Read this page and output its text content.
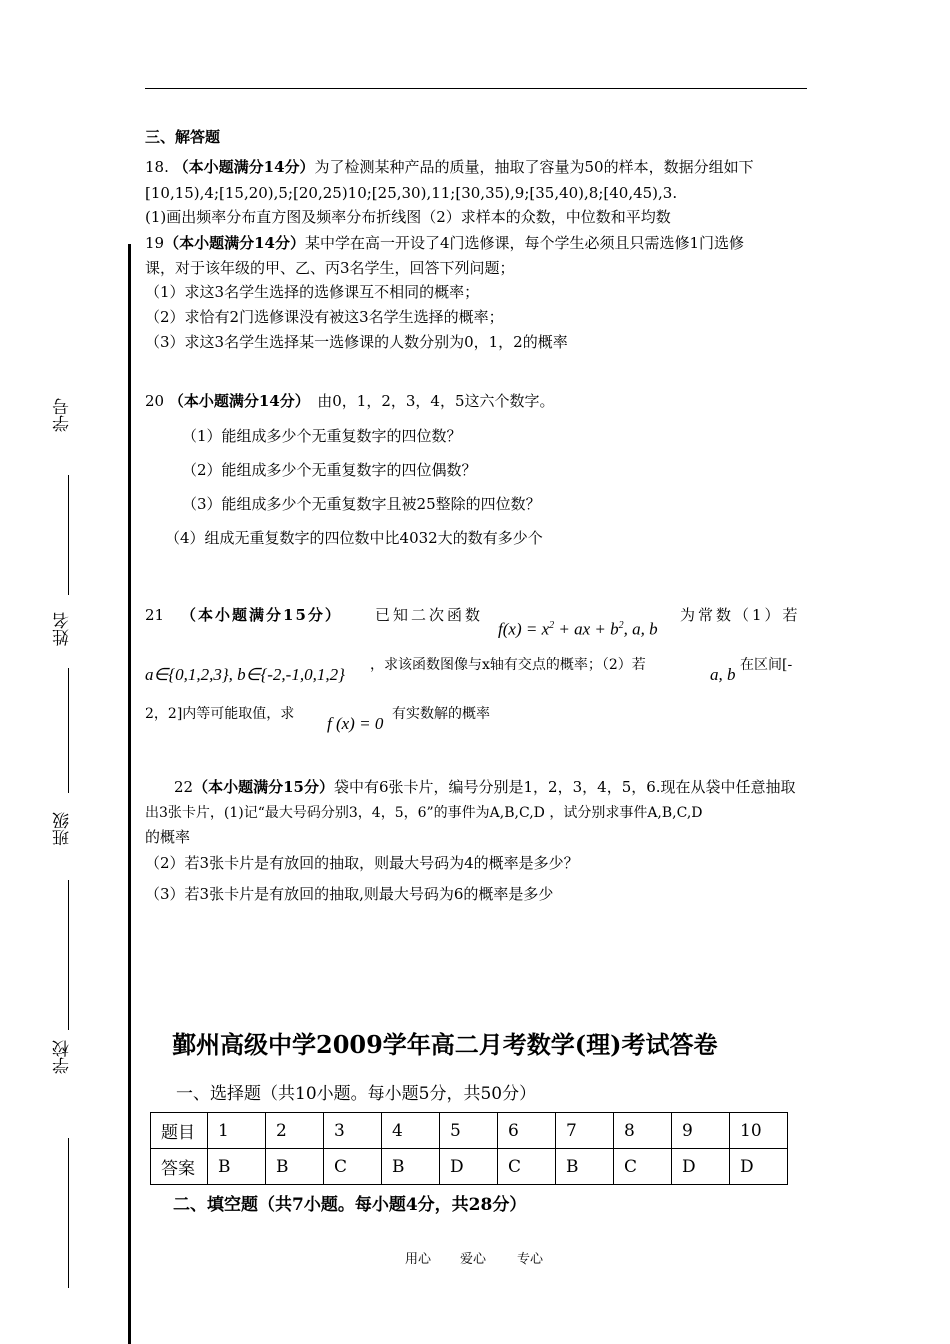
三、解答题
18. （本小题满分14分）为了检测某种产品的质量，抽取了容量为50的样本，数据分组如下
[10,15),4;[15,20),5;[20,25)10;[25,30),11;[30,35),9;[35,40),8;[40,45),3.
(1)画出频率分布直方图及频率分布折线图（2）求样本的众数，中位数和平均数
19（本小题满分14分）某中学在高一开设了4门选修课，每个学生必须且只需选修1门选修
课，对于该年级的甲、乙、丙3名学生，回答下列问题；
（1）求这3名学生选择的选修课互不相同的概率；
（2）求恰有2门选修课没有被这3名学生选择的概率；
（3）求这3名学生选择某一选修课的人数分别为0，1，2的概率
20 （本小题满分14分）　由0，1，2，3，4，5这六个数字。
（1）能组成多少个无重复数字的四位数？
（2）能组成多少个无重复数字的四位偶数？
（3）能组成多少个无重复数字且被25整除的四位数？
（4）组成无重复数字的四位数中比4032大的数有多少个
21　 （本小题满分15分） 已知二次函数
$f(x) = x^2$ + ax + $b^2$, a, b
为常数（1）若
a∈{0,1,2,3}, b∈{-2,-1,0,1,2} ，求该函数图像与x轴有交点的概率；（2）若	a, b 在区间[-
2，2]内等可能取值，求 f (x) = 0 有实数解的概率
22（本小题满分15分）袋中有6张卡片，编号分别是1，2，3，4，5，6.现在从袋中任意抽取
出3张卡片，(1)记“最大号码分别3，4，5，6”的事件为A,B,C,D ，试分别求事件A,B,C,D
的概率
（2）若3张卡片是有放回的抽取，则最大号码为4的概率是多少？
（3）若3张卡片是有放回的抽取,则最大号码为6的概率是多少
学号
姓名
班级
学校	鄞州高级中学2009学年高二月考数学(理)考试答卷
一、选择题（共10小题。每小题5分，共50分）
题目	1	2	3	4	5	6	7	8	9	10
答案	B	B	C	B	D	C	B	C	D	D
二、填空题（共7小题。每小题4分，共28分）
用心 爱心 专心
